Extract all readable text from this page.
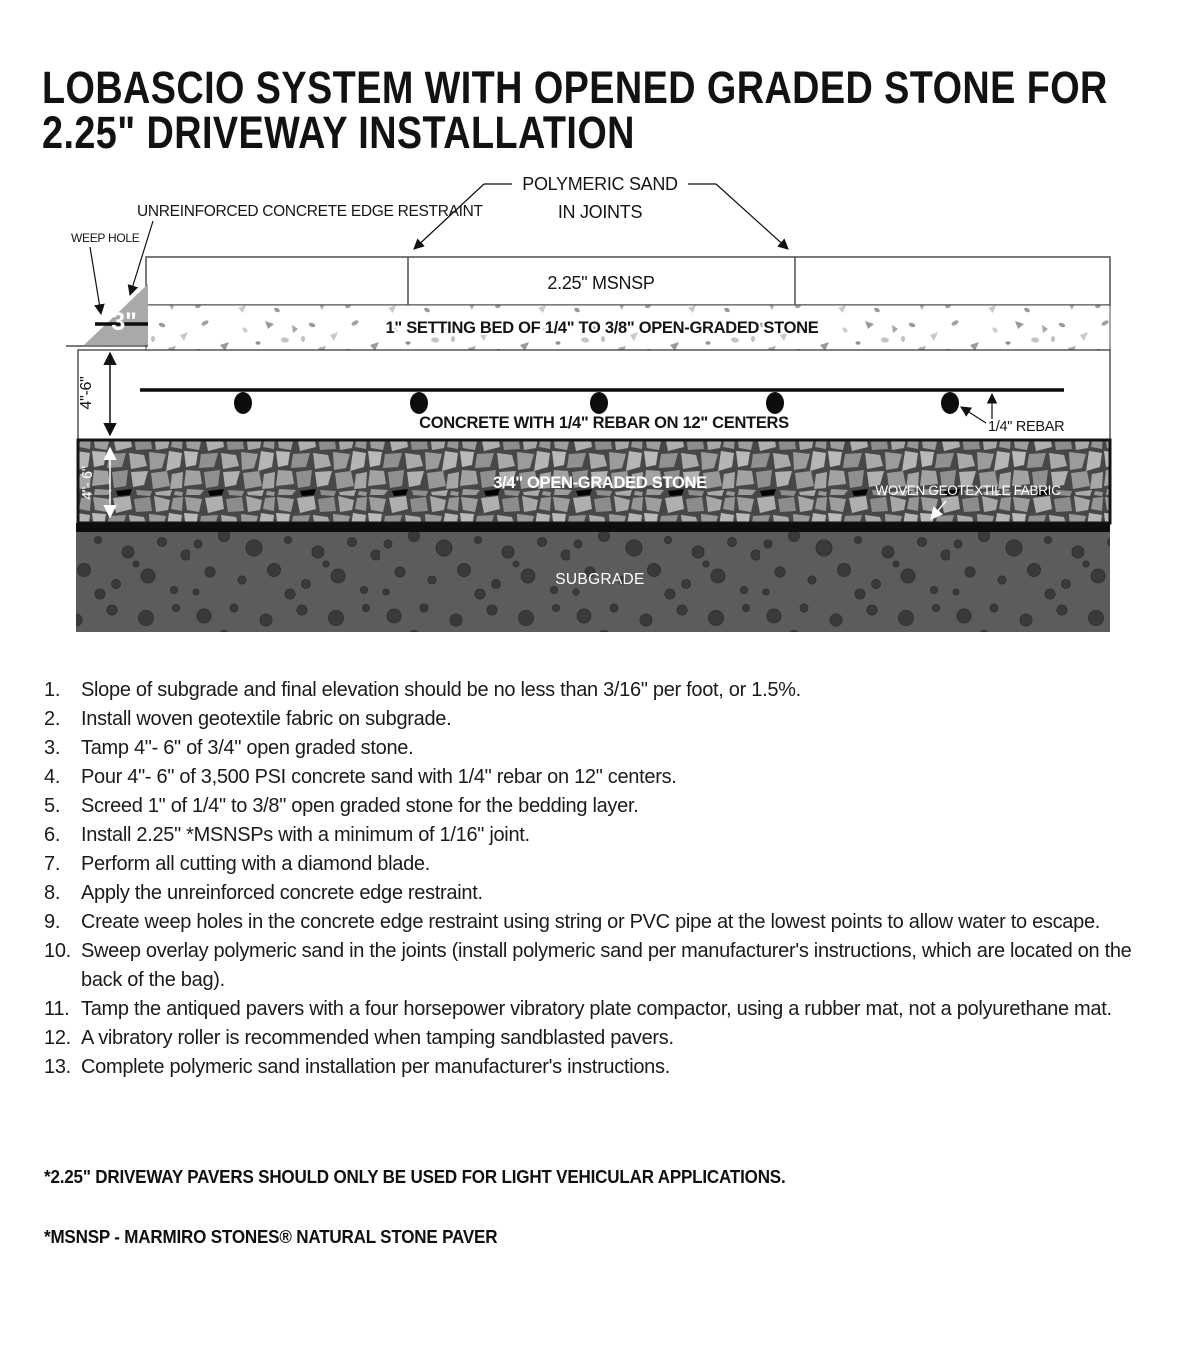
LOBASCIO SYSTEM WITH OPENED GRADED STONE FOR
2.25" DRIVEWAY INSTALLATION
POLYMERIC SAND
IN JOINTS
UNREINFORCED CONCRETE EDGE RESTRAINT
WEEP HOLE
2.25" MSNSP
3"	1" SETTING BED OF 1/4" TO 3/8" OPEN-GRADED STONE
4"-6"
CONCRETE WITH 1/4" REBAR ON 12" CENTERS	1/4" REBAR
4"- 6"	3/4" OPEN-GRADED STONE	WOVEN GEOTEXTILE FABRIC
SUBGRADE
1. Slope of subgrade and final elevation should be no less than 3/16" per foot, or 1.5%.
2. Install woven geotextile fabric on subgrade.
3. Tamp 4"- 6" of 3/4" open graded stone.
4. Pour 4"- 6" of 3,500 PSI concrete sand with 1/4" rebar on 12" centers.
5. Screed 1" of 1/4" to 3/8" open graded stone for the bedding layer.
6. Install 2.25" *MSNSPs with a minimum of 1/16" joint.
7. Perform all cutting with a diamond blade.
8. Apply the unreinforced concrete edge restraint.
9. Create weep holes in the concrete edge restraint using string or PVC pipe at the lowest points to allow water to escape.
10. Sweep overlay polymeric sand in the joints (install polymeric sand per manufacturer's instructions, which are located on the back of the bag).
11. Tamp the antiqued pavers with a four horsepower vibratory plate compactor, using a rubber mat, not a polyurethane mat.
12. A vibratory roller is recommended when tamping sandblasted pavers.
13. Complete polymeric sand installation per manufacturer's instructions.

*2.25" DRIVEWAY PAVERS SHOULD ONLY BE USED FOR LIGHT VEHICULAR APPLICATIONS.

*MSNSP - MARMIRO STONES® NATURAL STONE PAVER
